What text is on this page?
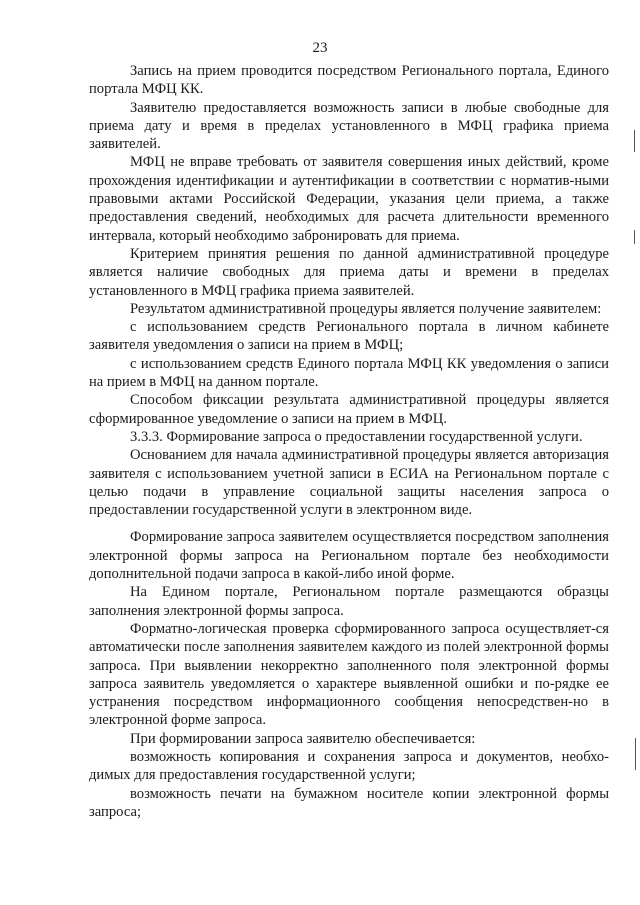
23

Запись на прием проводится посредством Регионального портала, Единого портала МФЦ КК.

Заявителю предоставляется возможность записи в любые свободные для приема дату и время в пределах установленного в МФЦ графика приема заявителей.

МФЦ не вправе требовать от заявителя совершения иных действий, кроме прохождения идентификации и аутентификации в соответствии с норматив-ными правовыми актами Российской Федерации, указания цели приема, а также предоставления сведений, необходимых для расчета длительности временного интервала, который необходимо забронировать для приема.

Критерием принятия решения по данной административной процедуре является наличие свободных для приема даты и времени в пределах установленного в МФЦ графика приема заявителей.

Результатом административной процедуры является получение заявителем:

с использованием средств Регионального портала в личном кабинете заявителя уведомления о записи на прием в МФЦ;

с использованием средств Единого портала МФЦ КК уведомления о записи на прием в МФЦ на данном портале.

Способом фиксации результата административной процедуры является сформированное уведомление о записи на прием в МФЦ.

3.3.3. Формирование запроса о предоставлении государственной услуги.

Основанием для начала административной процедуры является авторизация заявителя с использованием учетной записи в ЕСИА на Региональном портале с целью подачи в управление социальной защиты населения запроса о предоставлении государственной услуги в электронном виде.

Формирование запроса заявителем осуществляется посредством заполнения электронной формы запроса на Региональном портале без необходимости дополнительной подачи запроса в какой-либо иной форме.

На Едином портале, Региональном портале размещаются образцы заполнения электронной формы запроса.

Форматно-логическая проверка сформированного запроса осуществляет-ся автоматически после заполнения заявителем каждого из полей электронной формы запроса. При выявлении некорректно заполненного поля электронной формы запроса заявитель уведомляется о характере выявленной ошибки и по-рядке ее устранения посредством информационного сообщения непосредствен-но в электронной форме запроса.

При формировании запроса заявителю обеспечивается:

возможность копирования и сохранения запроса и документов, необхо-димых для предоставления государственной услуги;

возможность печати на бумажном носителе копии электронной формы запроса;
